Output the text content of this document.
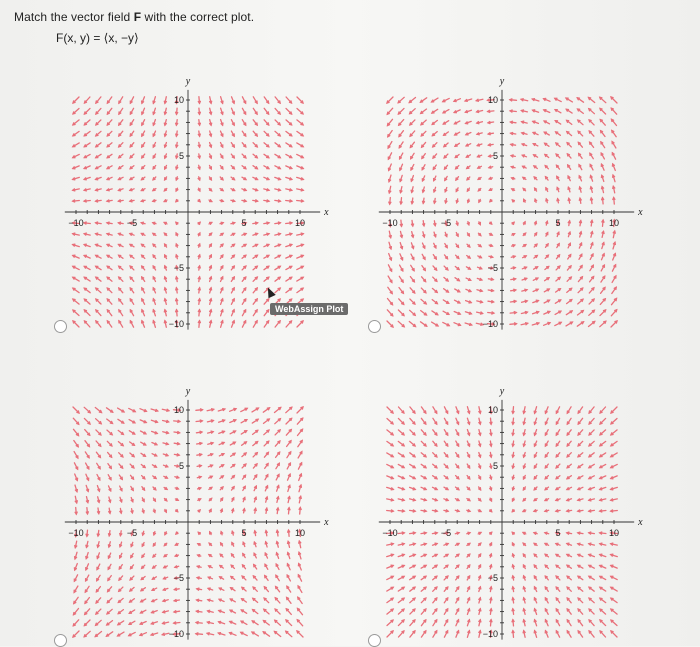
Match the vector field F with the correct plot.
F(x, y) = ⟨x, −y⟩
−10	−5	5	10
10
5
−5
−10
x
y
−10	−5	5	10
10
5
−5
−10
x
y
−10	−5	5	10
10
5
−5
−10
x
y
−10	−5	5	10
10
5
−5
−10
x
y
WebAssign Plot
